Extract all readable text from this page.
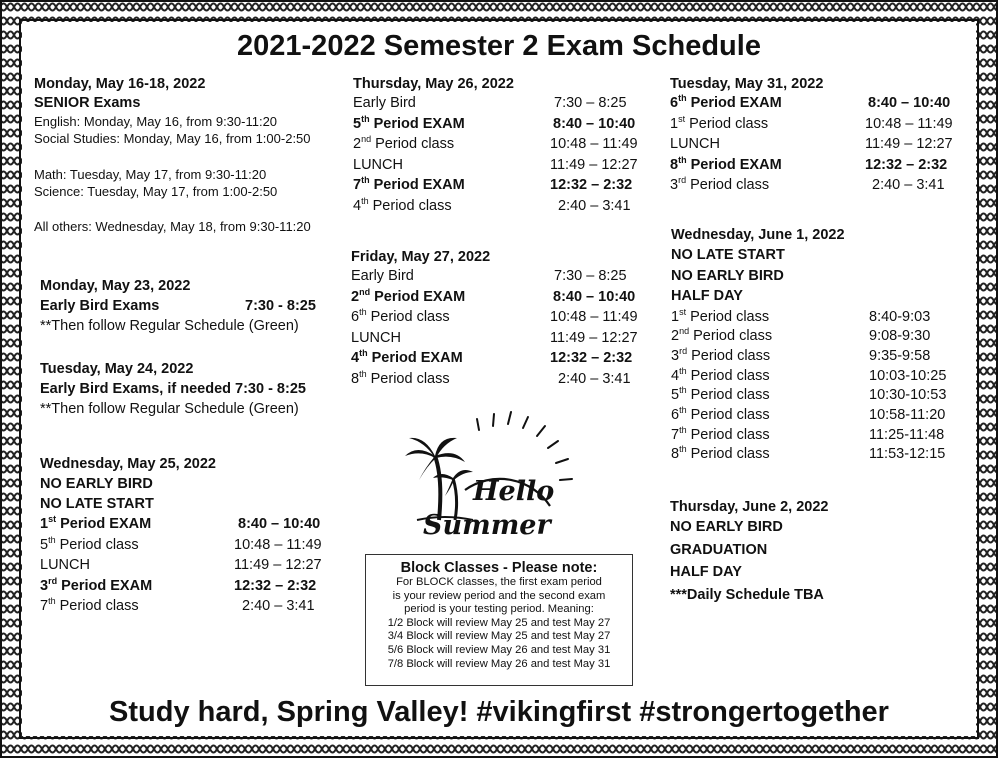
2021-2022 Semester 2 Exam Schedule
Monday, May 16-18, 2022
SENIOR Exams
English: Monday, May 16, from 9:30-11:20
Social Studies: Monday, May 16, from 1:00-2:50
Math: Tuesday, May 17, from 9:30-11:20
Science: Tuesday, May 17, from 1:00-2:50
All others: Wednesday, May 18, from 9:30-11:20
Monday, May 23, 2022
Early Bird Exams	7:30 - 8:25
**Then follow Regular Schedule (Green)
Tuesday, May 24, 2022
Early Bird Exams, if needed 7:30 - 8:25
**Then follow Regular Schedule (Green)
Wednesday, May 25, 2022
NO EARLY BIRD
NO LATE START
1st Period EXAM	8:40 – 10:40
5th Period class	10:48 – 11:49
LUNCH	11:49 – 12:27
3rd Period EXAM	12:32 – 2:32
7th Period class	2:40 – 3:41
Thursday, May 26, 2022
Early Bird	7:30 – 8:25
5th Period EXAM	8:40 – 10:40
2nd Period class	10:48 – 11:49
LUNCH	11:49 – 12:27
7th Period EXAM	12:32 – 2:32
4th Period class	2:40 – 3:41
Friday, May 27, 2022
Early Bird	7:30 – 8:25
2nd Period EXAM	8:40 – 10:40
6th Period class	10:48 – 11:49
LUNCH	11:49 – 12:27
4th Period EXAM	12:32 – 2:32
8th Period class	2:40 – 3:41
Hello
Summer
Block Classes - Please note:
For BLOCK classes, the first exam period
is your review period and the second exam
period is your testing period. Meaning:
1/2 Block will review May 25 and test May 27
3/4 Block will review May 25 and test May 27
5/6 Block will review May 26 and test May 31
7/8 Block will review May 26 and test May 31
Tuesday, May 31, 2022
6th Period EXAM	8:40 – 10:40
1st Period class	10:48 – 11:49
LUNCH	11:49 – 12:27
8th Period EXAM	12:32 – 2:32
3rd Period class	2:40 – 3:41
Wednesday, June 1, 2022
NO LATE START
NO EARLY BIRD
HALF DAY
1st Period class	8:40-9:03
2nd Period class	9:08-9:30
3rd Period class	9:35-9:58
4th Period class	10:03-10:25
5th Period class	10:30-10:53
6th Period class	10:58-11:20
7th Period class	11:25-11:48
8th Period class	11:53-12:15
Thursday, June 2, 2022
NO EARLY BIRD
GRADUATION
HALF DAY
***Daily Schedule TBA
Study hard, Spring Valley! #vikingfirst #strongertogether
